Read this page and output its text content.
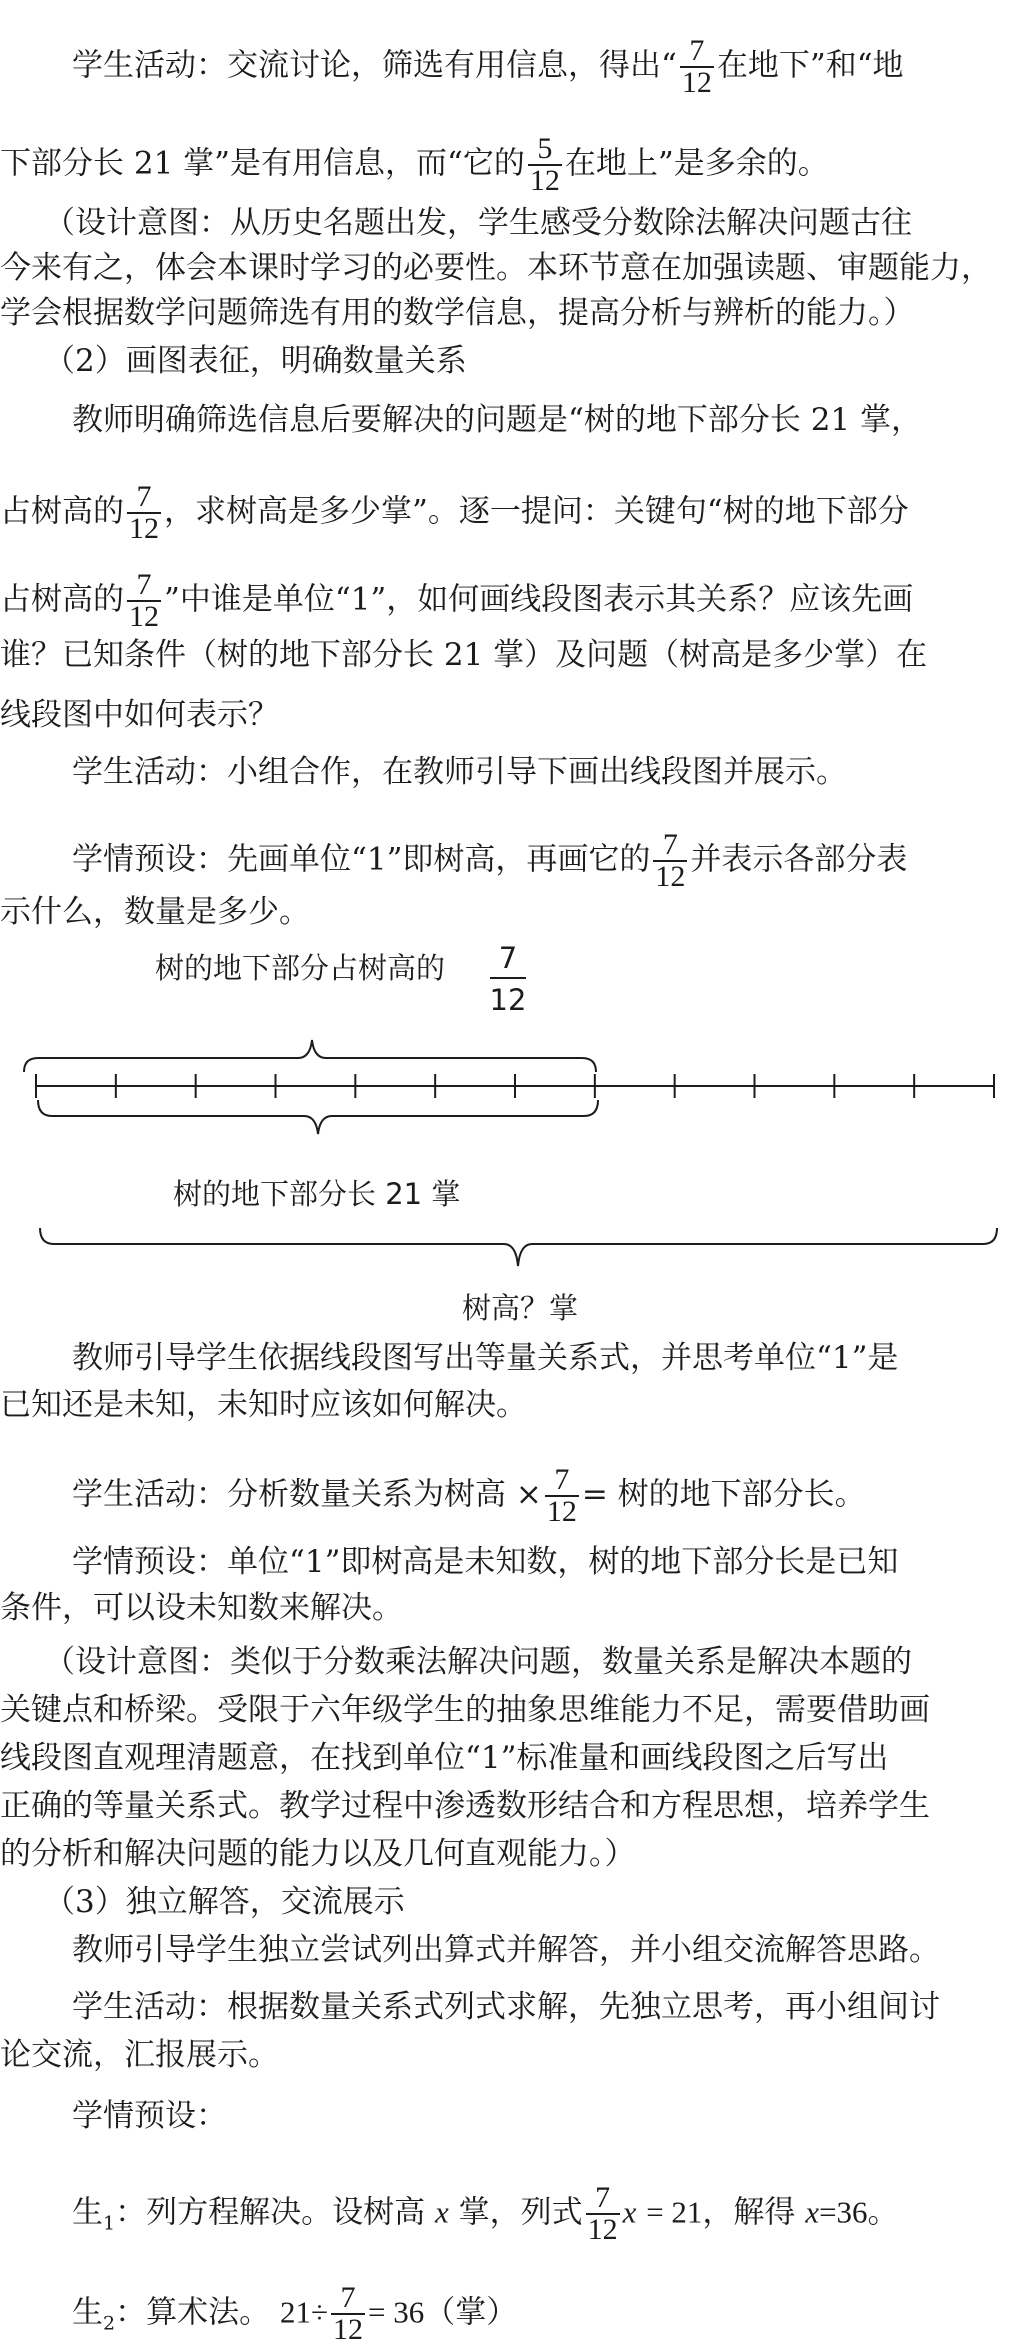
学生活动：交流讨论，筛选有用信息，得出“ $\frac{7}{12}$ 在地下”和“地
下部分长 21 掌”是有用信息，而“它的 $\frac{5}{12}$ 在地上”是多余的。
（设计意图：从历史名题出发，学生感受分数除法解决问题古往
今来有之，体会本课时学习的必要性。本环节意在加强读题、审题能力，
学会根据数学问题筛选有用的数学信息，提高分析与辨析的能力。）
（2）画图表征，明确数量关系
教师明确筛选信息后要解决的问题是“树的地下部分长 21 掌，
占树高的 $\frac{7}{12}$ ，求树高是多少掌”。逐一提问：关键句“树的地下部分
占树高的 $\frac{7}{12}$ ”中谁是单位“1”，如何画线段图表示其关系？应该先画
谁？已知条件（树的地下部分长 21 掌）及问题（树高是多少掌）在
线段图中如何表示？
学生活动：小组合作，在教师引导下画出线段图并展示。
学情预设：先画单位“1”即树高，再画它的 $\frac{7}{12}$ 并表示各部分表
示什么，数量是多少。
树的地下部分占树高的 7
12
树的地下部分长 21 掌
树高？掌
教师引导学生依据线段图写出等量关系式，并思考单位“1”是
已知还是未知，未知时应该如何解决。
学生活动：分析数量关系为树高 × $\frac{7}{12}$ = 树的地下部分长。
学情预设：单位“1”即树高是未知数，树的地下部分长是已知
条件，可以设未知数来解决。
（设计意图：类似于分数乘法解决问题，数量关系是解决本题的
关键点和桥梁。受限于六年级学生的抽象思维能力不足，需要借助画
线段图直观理清题意，在找到单位“1”标准量和画线段图之后写出
正确的等量关系式。教学过程中渗透数形结合和方程思想，培养学生
的分析和解决问题的能力以及几何直观能力。）
（3）独立解答，交流展示
教师引导学生独立尝试列出算式并解答，并小组交流解答思路。
学生活动：根据数量关系式列式求解，先独立思考，再小组间讨
论交流，汇报展示。
学情预设：
生$_1$：列方程解决。设树高 x 掌，列式 $\frac{7}{12}$ x = 21，解得 x=36。
生$_2$：算术法。 $21\div \frac{7}{12} = 36$（掌）
